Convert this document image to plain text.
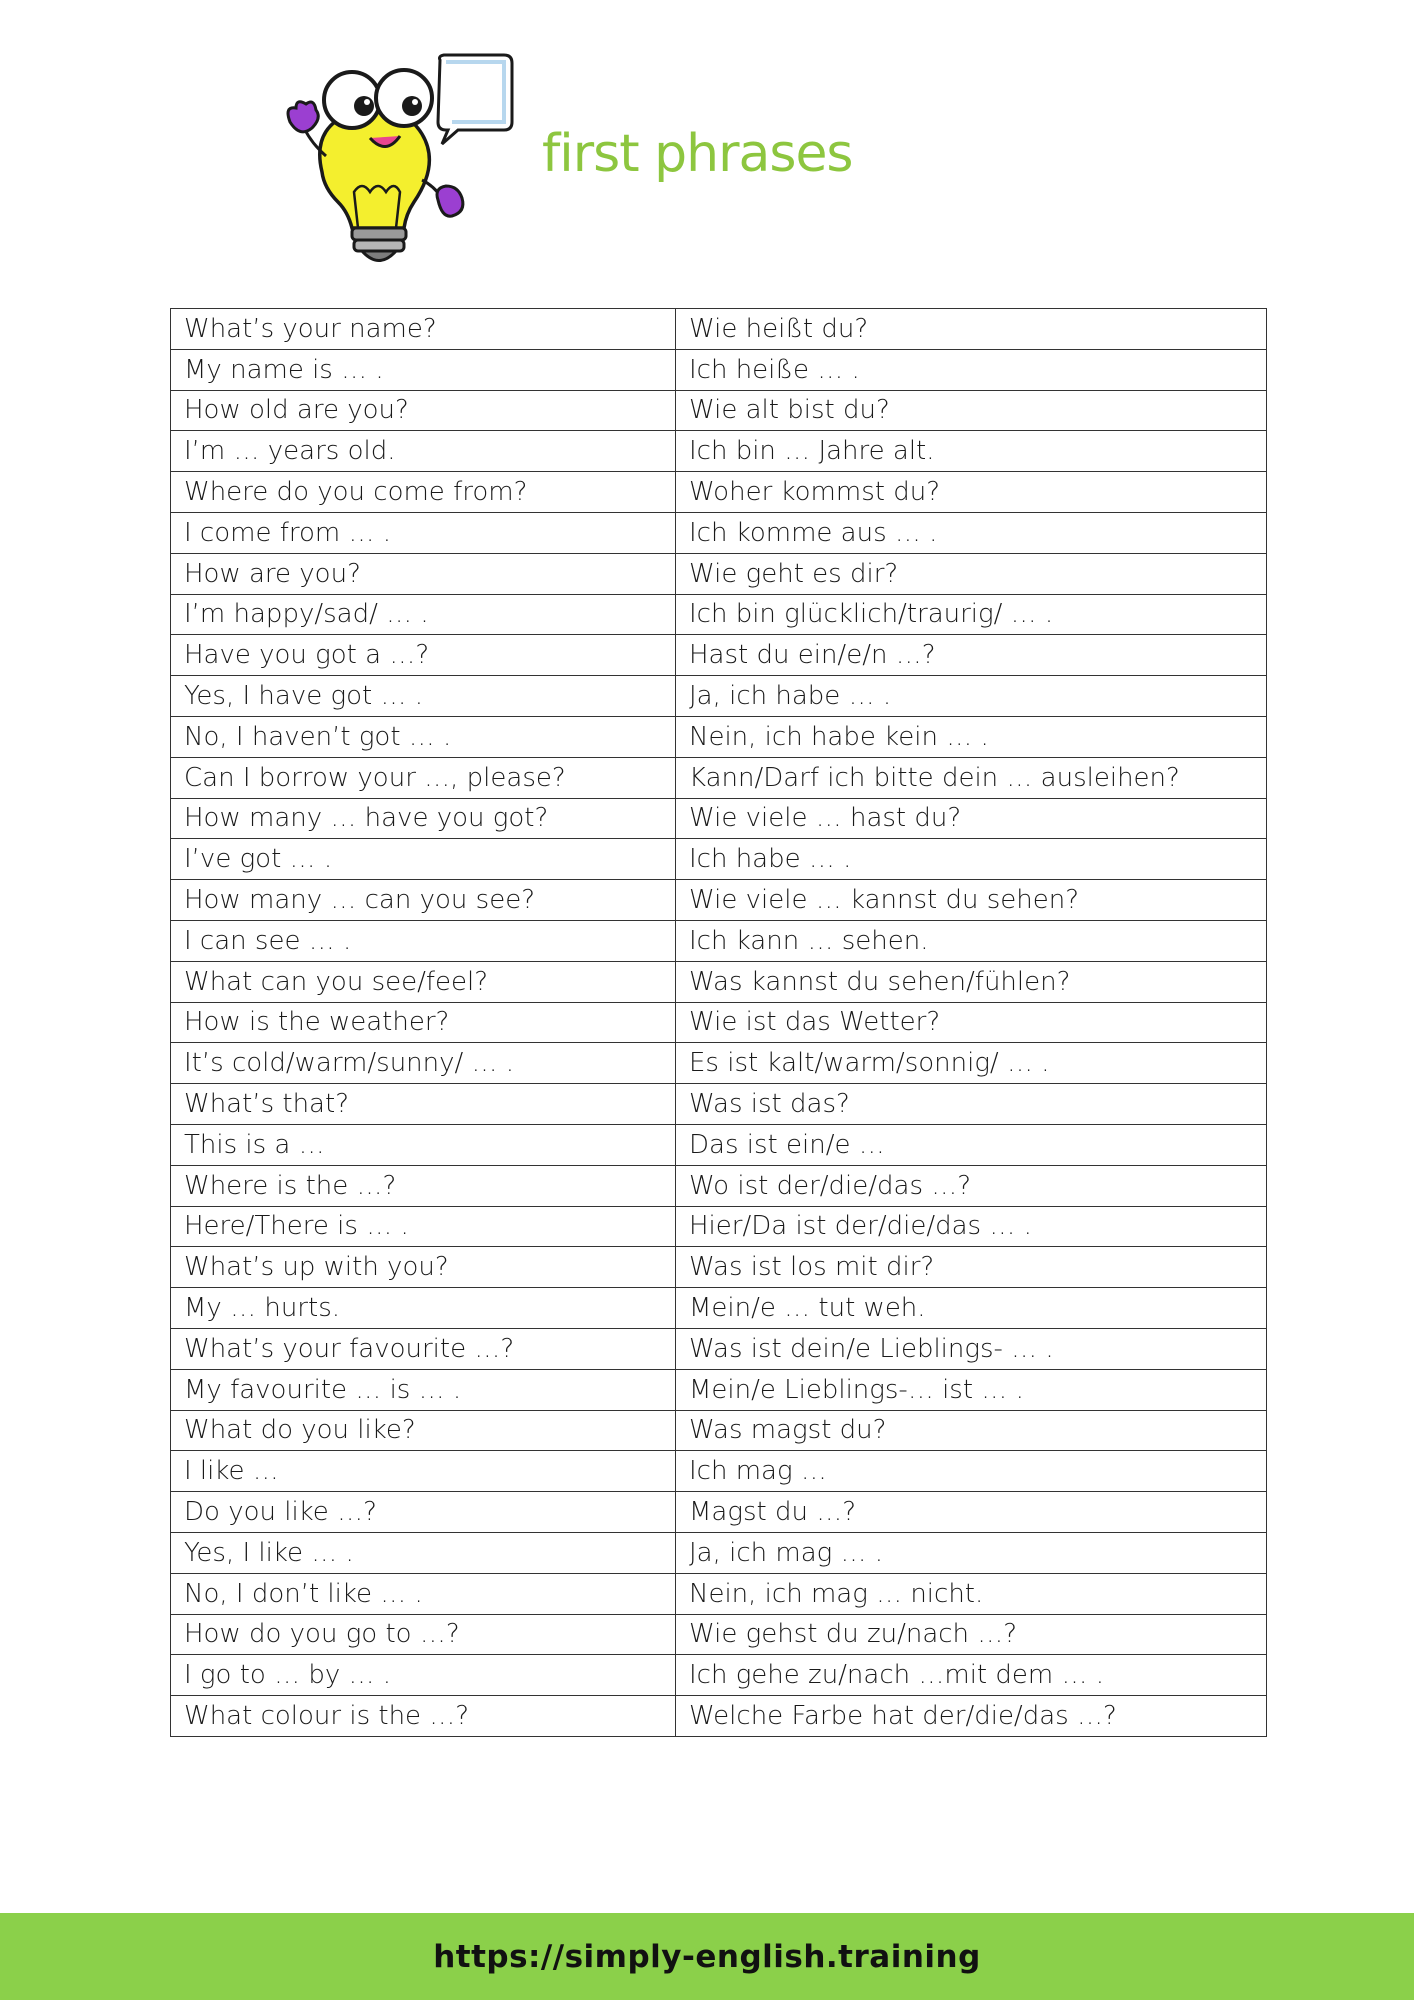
first phrases
What’s your name?	Wie heißt du?
My name is … .	Ich heiße … .
How old are you?	Wie alt bist du?
I’m … years old.	Ich bin … Jahre alt.
Where do you come from?	Woher kommst du?
I come from … .	Ich komme aus … .
How are you?	Wie geht es dir?
I’m happy/sad/ … .	Ich bin glücklich/traurig/ … .
Have you got a …?	Hast du ein/e/n …?
Yes, I have got … .	Ja, ich habe … .
No, I haven’t got … .	Nein, ich habe kein … .
Can I borrow your …, please?	Kann/Darf ich bitte dein … ausleihen?
How many … have you got?	Wie viele … hast du?
I’ve got … .	Ich habe … .
How many … can you see?	Wie viele … kannst du sehen?
I can see … .	Ich kann … sehen.
What can you see/feel?	Was kannst du sehen/fühlen?
How is the weather?	Wie ist das Wetter?
It’s cold/warm/sunny/ … .	Es ist kalt/warm/sonnig/ … .
What’s that?	Was ist das?
This is a …	Das ist ein/e …
Where is the …?	Wo ist der/die/das …?
Here/There is … .	Hier/Da ist der/die/das … .
What’s up with you?	Was ist los mit dir?
My … hurts.	Mein/e … tut weh.
What’s your favourite …?	Was ist dein/e Lieblings- … .
My favourite … is … .	Mein/e Lieblings-… ist … .
What do you like?	Was magst du?
I like …	Ich mag …
Do you like …?	Magst du …?
Yes, I like … .	Ja, ich mag … .
No, I don’t like … .	Nein, ich mag … nicht.
How do you go to …?	Wie gehst du zu/nach …?
I go to … by … .	Ich gehe zu/nach …mit dem … .
What colour is the …?	Welche Farbe hat der/die/das …?
https://simply-english.training
